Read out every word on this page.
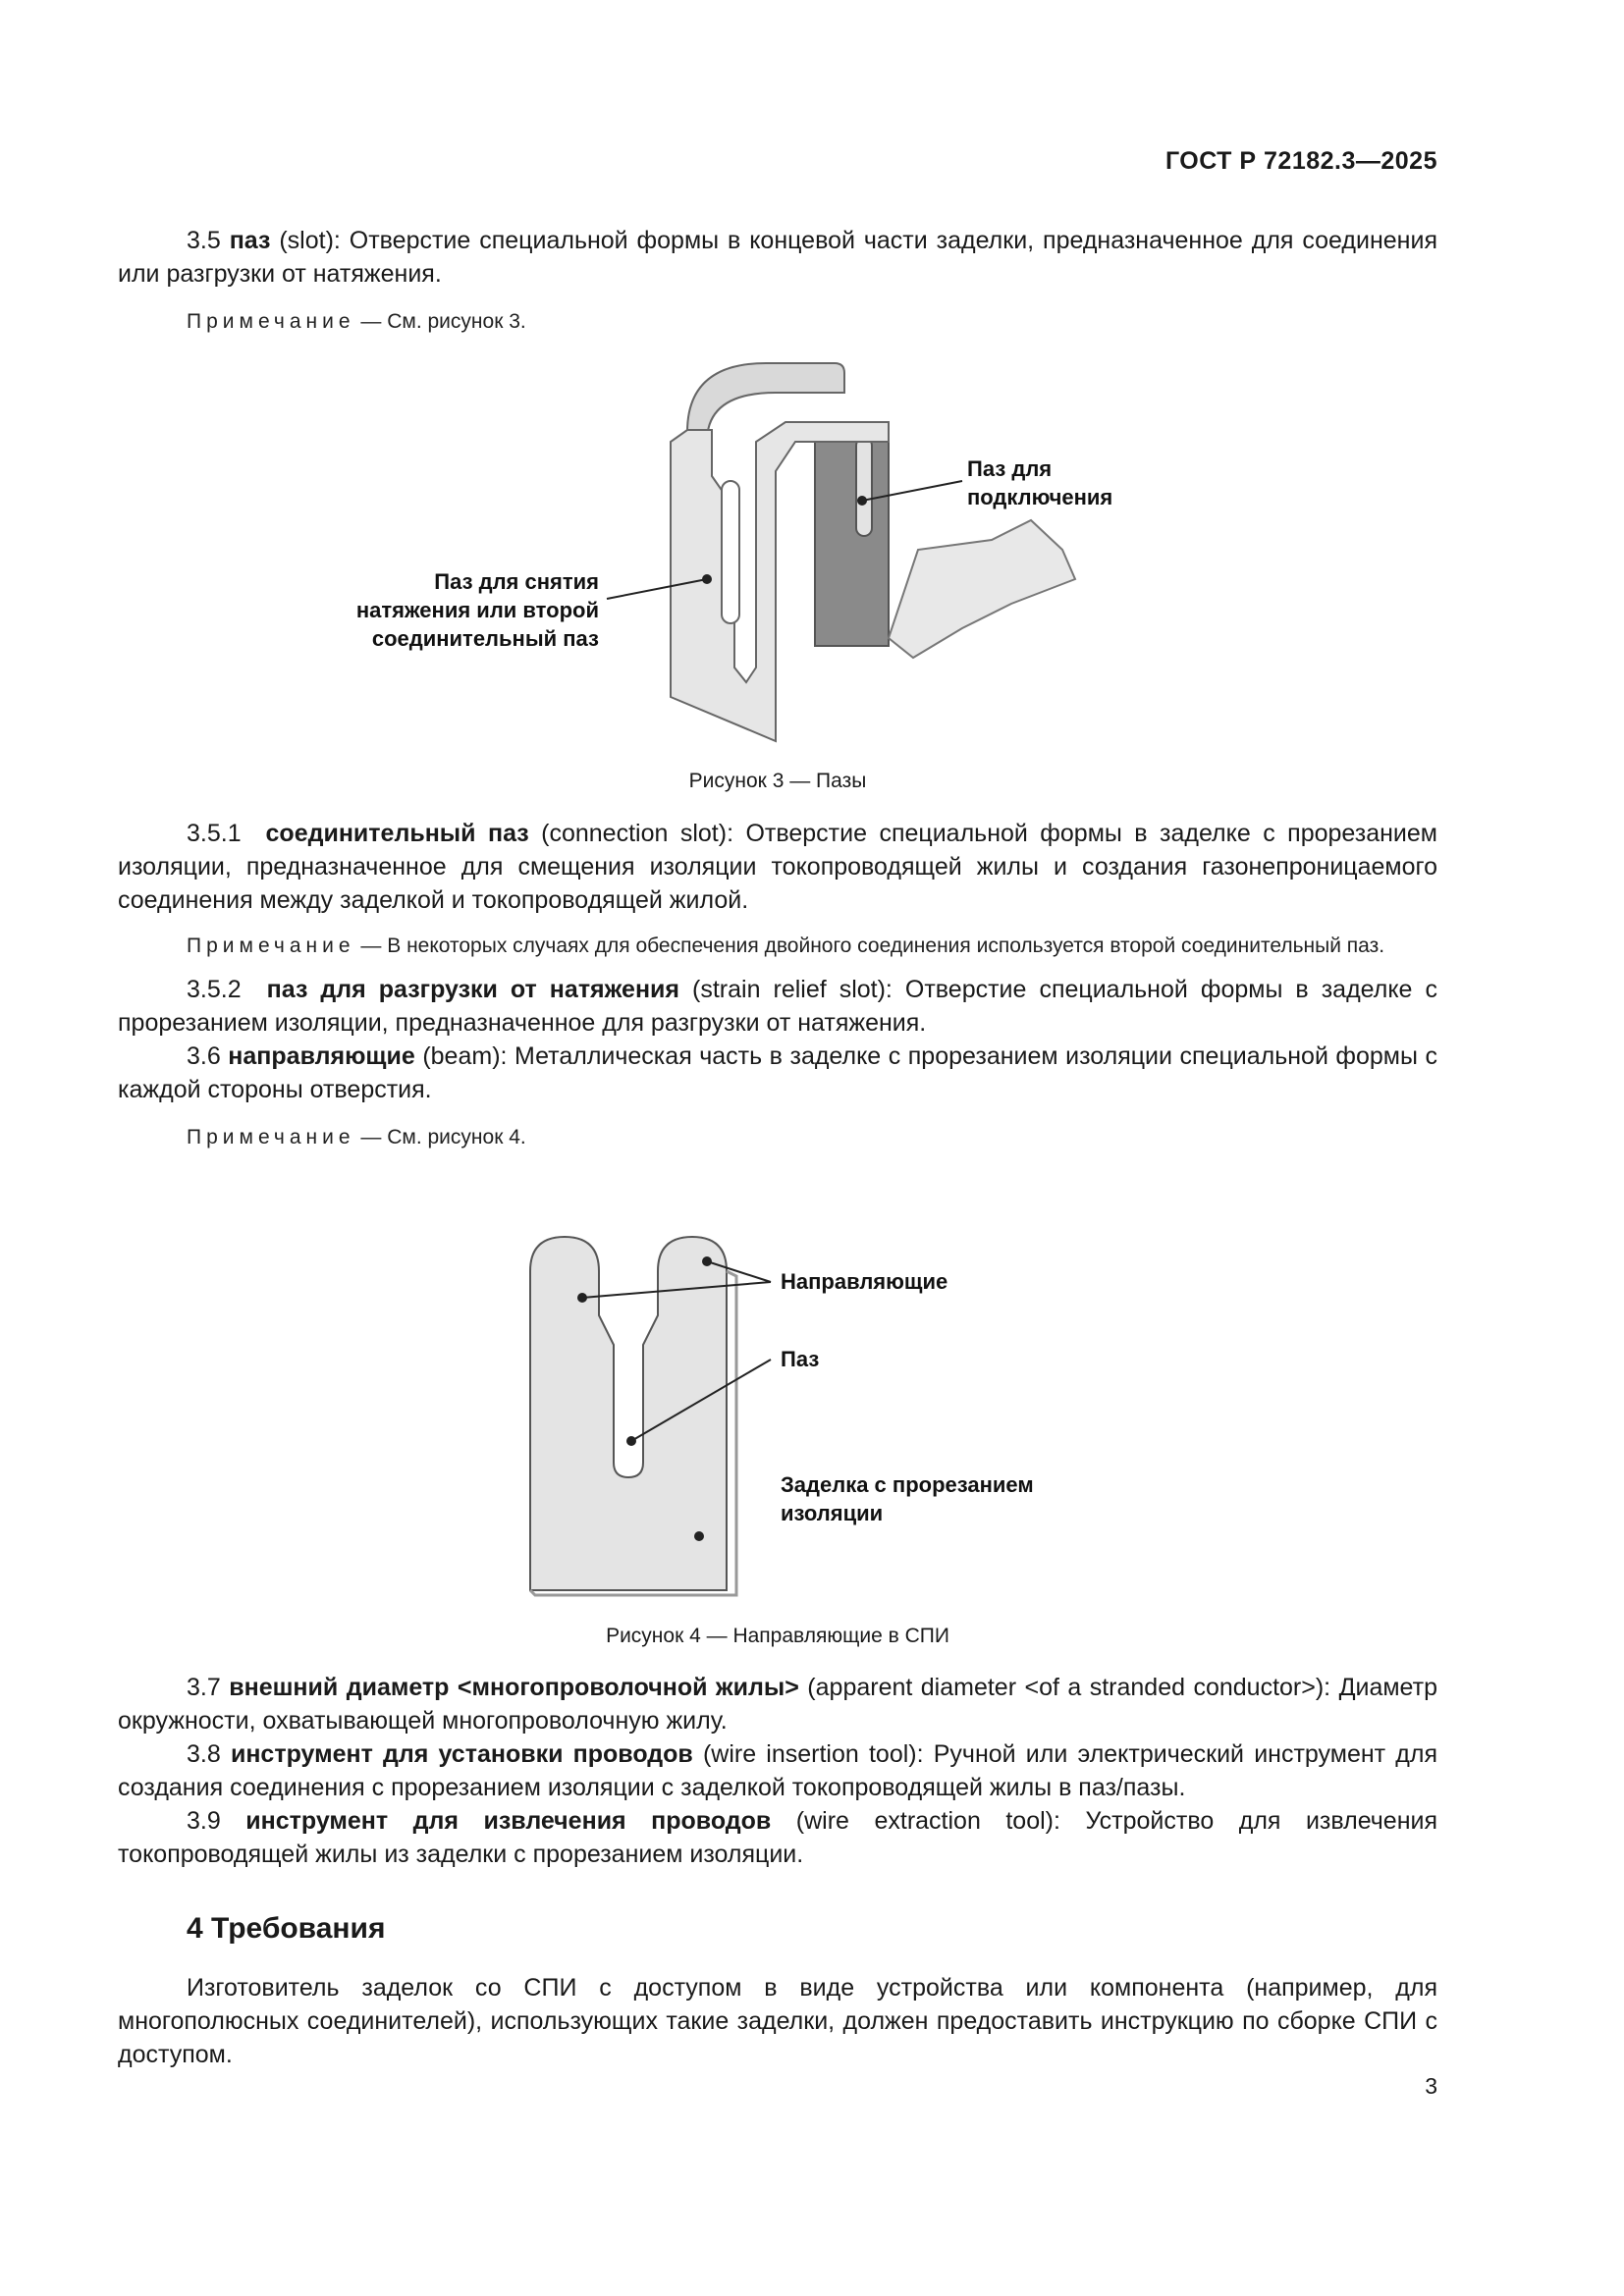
ГОСТ Р 72182.3—2025

3.5 паз (slot): Отверстие специальной формы в концевой части заделки, предназначенное для соединения или разгрузки от натяжения.

Примечание — См. рисунок 3.

Паз для
подключения
Паз для снятия
натяжения или второй
соединительный паз
Рисунок 3 — Пазы

3.5.1 соединительный паз (connection slot): Отверстие специальной формы в заделке с прорезанием изоляции, предназначенное для смещения изоляции токопроводящей жилы и создания газонепроницаемого соединения между заделкой и токопроводящей жилой.

Примечание — В некоторых случаях для обеспечения двойного соединения используется второй соединительный паз.

3.5.2 паз для разгрузки от натяжения (strain relief slot): Отверстие специальной формы в заделке с прорезанием изоляции, предназначенное для разгрузки от натяжения.

3.6 направляющие (beam): Металлическая часть в заделке с прорезанием изоляции специальной формы с каждой стороны отверстия.

Примечание — См. рисунок 4.

Направляющие
Паз
Заделка с прорезанием
изоляции
Рисунок 4 — Направляющие в СПИ

3.7 внешний диаметр <многопроволочной жилы> (apparent diameter <of a stranded conductor>): Диаметр окружности, охватывающей многопроволочную жилу.

3.8 инструмент для установки проводов (wire insertion tool): Ручной или электрический инструмент для создания соединения с прорезанием изоляции с заделкой токопроводящей жилы в паз/пазы.

3.9 инструмент для извлечения проводов (wire extraction tool): Устройство для извлечения токопроводящей жилы из заделки с прорезанием изоляции.

4 Требования

Изготовитель заделок со СПИ с доступом в виде устройства или компонента (например, для многополюсных соединителей), использующих такие заделки, должен предоставить инструкцию по сборке СПИ с доступом.

3
